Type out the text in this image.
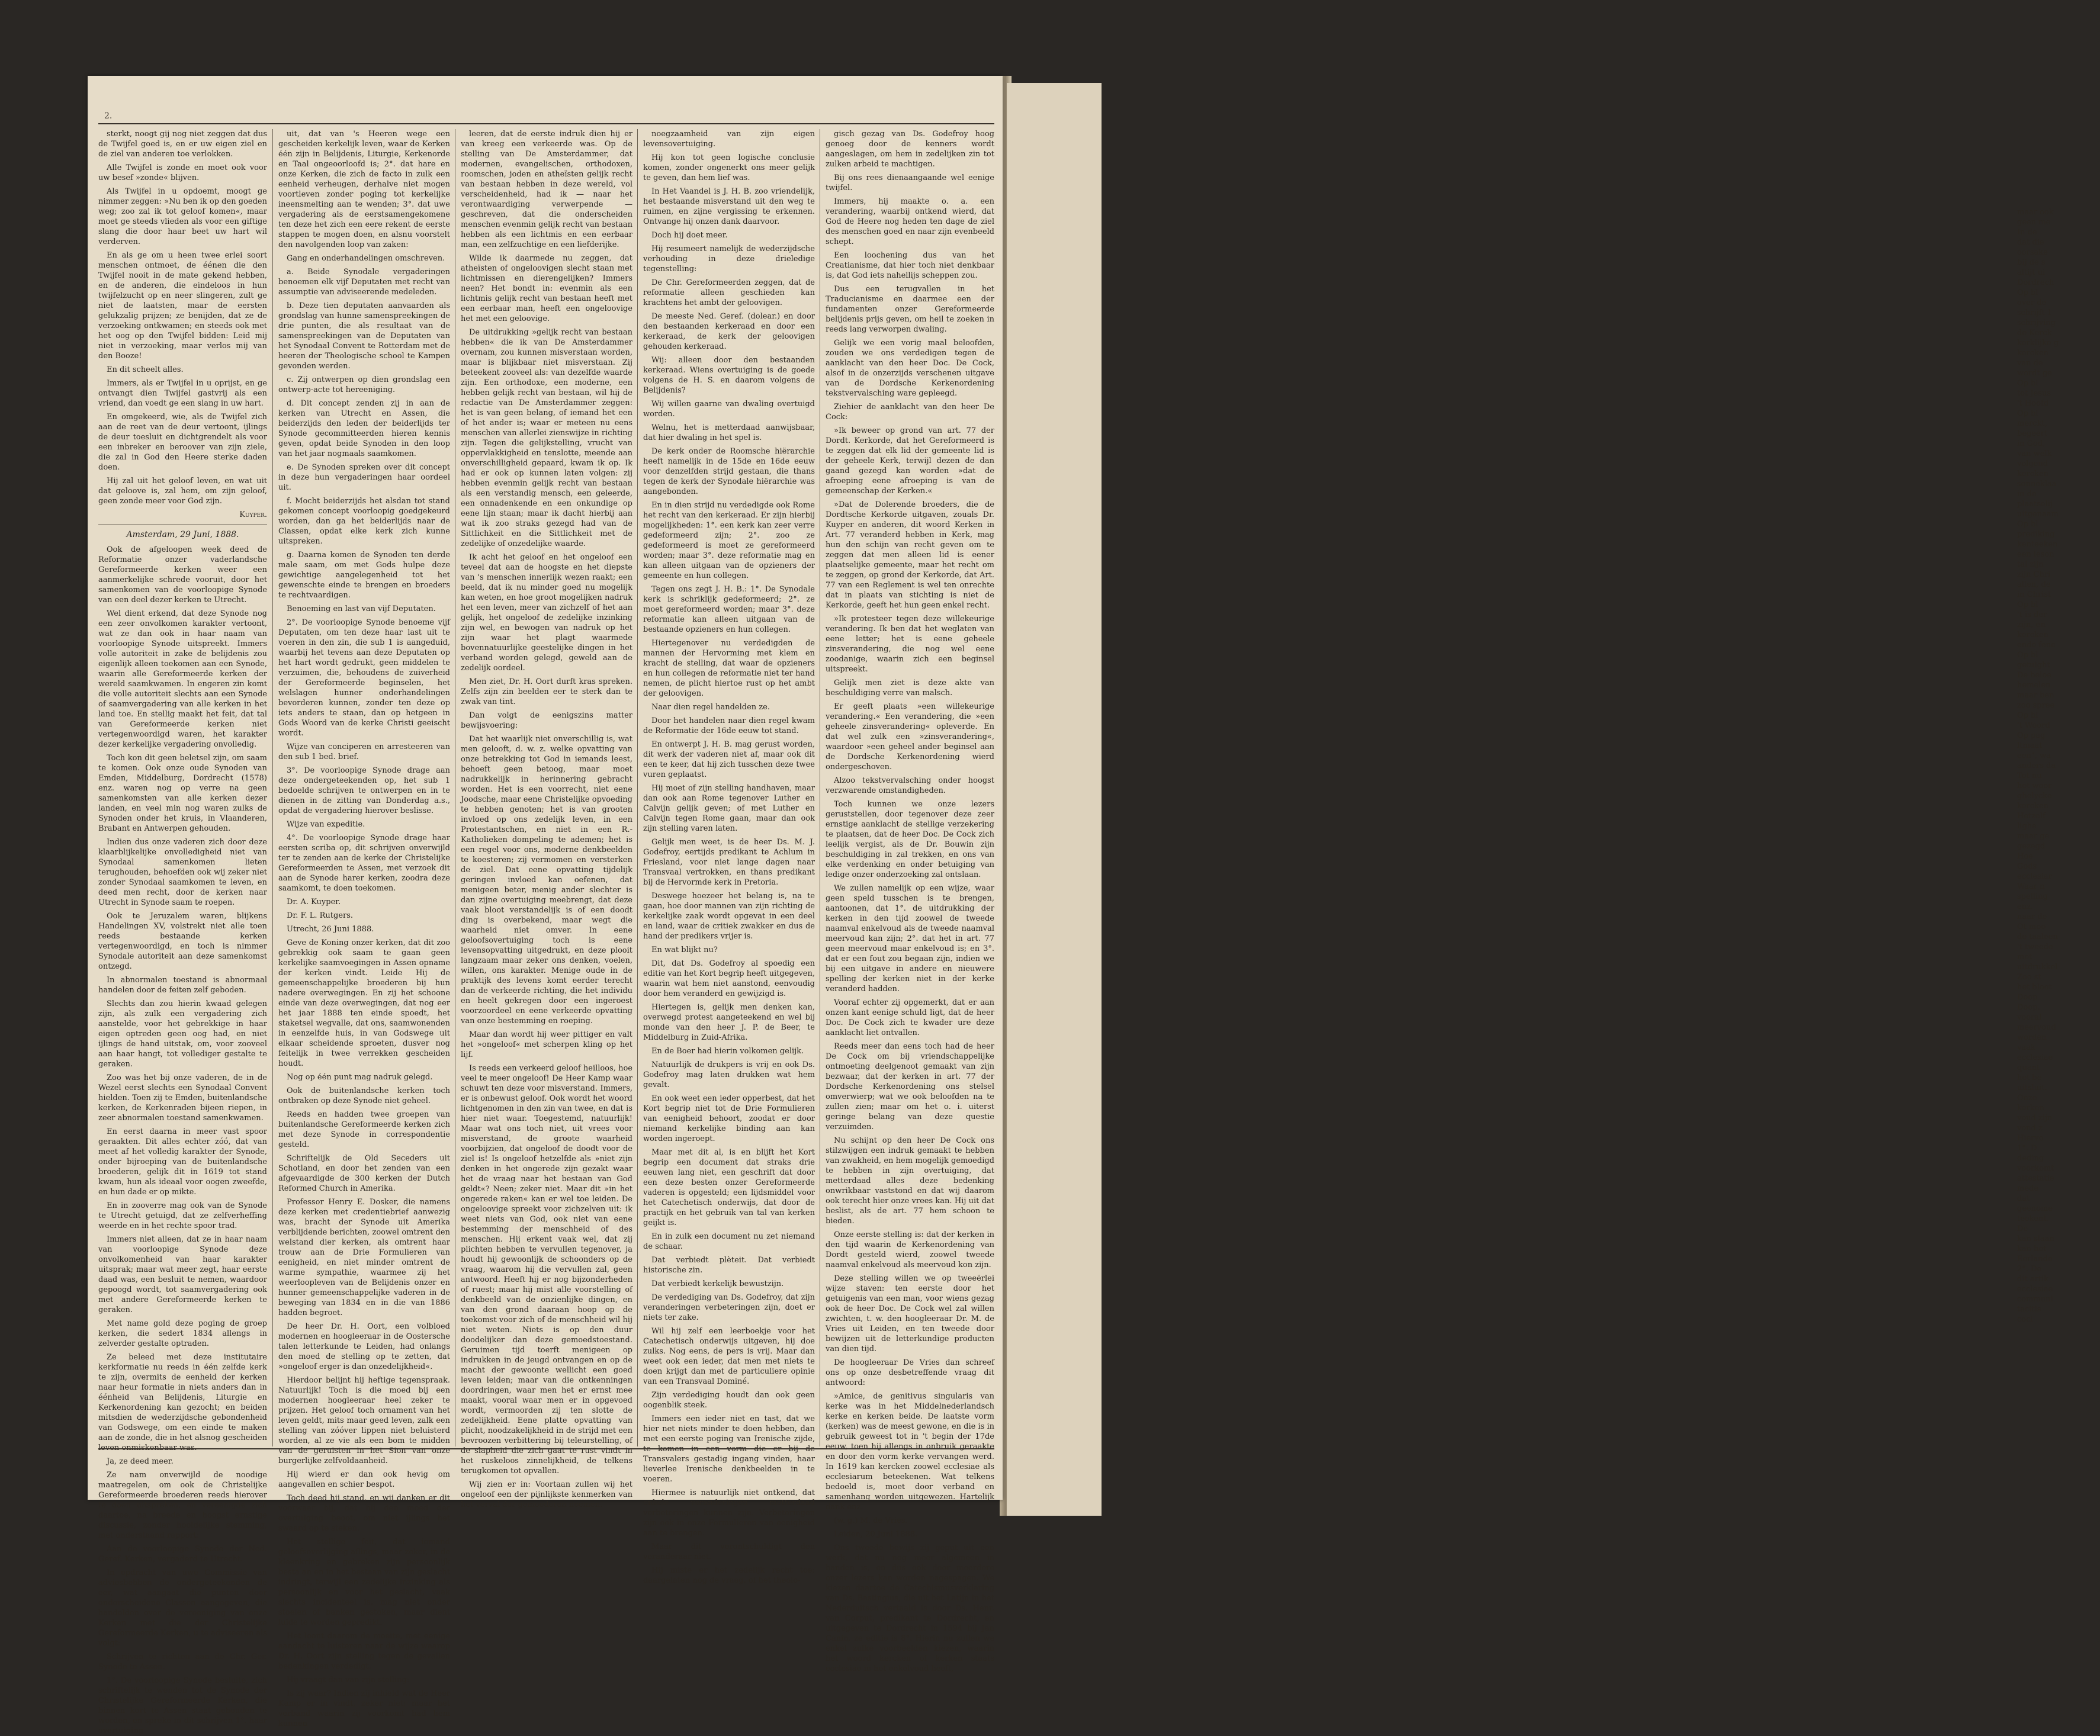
maar ook
geen me
In de
dat die
oorsake
bij de s
altijt ui
Dordrech
Op bl
over de
schrijft 1
schrijving
de Kerck
kerklijke g
kercken
van de
wordt ge
Op bl
tot Jesus
't Hoofd
Op bl
merckt,
begeert
in God,
van welk
volgend
kercken
sonneklaa
in de
plaatselij
uitgenaam
Op bl
prediking
kenteeken
een leson
tal zijn
zijn Chri
allen, de
in Christ
Op bl
't is der
zijn, en
kercken
ende fenc
Op bl
getuight
De beloe
hemelen
maar ben
zoo spree
Op bl
't Woord
Op pag
ltmaat
een", wa
anders da
Tot nu
het woor
ghelycke
kercken
Hetzelf
lighe
maar ge
gezegd
Hoe
Gods
ecclesiar
Waar n
spelling
enz.
naar de
Ot moo
de taaleen
't tweede
met
uitdrukkel
Zoo st
het bloot
Doop
Doop.
vooral
meervoud
worden
vaak
ecclesiae
quant
het be
uitsluit.
Onze
kerken
voud zijn
vond z
Hiervo
1°. D
deding
voorkomt
attestatie
mede
dat
geenome
teekent.
De
kan slaan
kan het
Eerlande
2°. De
dit artik
ecclesiae
communi
tacitis
cocl
2.

sterkt, noogt gij nog niet zeggen dat dus de Twijfel goed is, en er uw eigen ziel en de ziel van anderen toe verlokken.

Alle Twijfel is zonde en moet ook voor uw besef »zonde« blijven.

Als Twijfel in u opdoemt, moogt ge nimmer zeggen: »Nu ben ik op den goeden weg; zoo zal ik tot geloof komen«, maar moet ge steeds vlieden als voor een giftige slang die door haar beet uw hart wil verderven.

En als ge om u heen twee erlei soort menschen ontmoet, de éénen die den Twijfel nooit in de mate gekend hebben, en de anderen, die eindeloos in hun twijfelzucht op en neer slingeren, zult ge niet de laatsten, maar de eersten gelukzalig prijzen; ze benijden, dat ze de verzoeking ontkwamen; en steeds ook met het oog op den Twijfel bidden: Leid mij niet in verzoeking, maar verlos mij van den Booze!

En dit scheelt alles.

Immers, als er Twijfel in u oprijst, en ge ontvangt dien Twijfel gastvrij als een vriend, dan voedt ge een slang in uw hart.

En omgekeerd, wie, als de Twijfel zich aan de reet van de deur vertoont, ijlings de deur toesluit en dichtgrendelt als voor een inbreker en beroover van zijn ziele, die zal in God den Heere sterke daden doen.

Hij zal uit het geloof leven, en wat uit dat geloove is, zal hem, om zijn geloof, geen zonde meer voor God zijn.

Kuyper.

Amsterdam, 29 Juni, 1888.

Ook de afgeloopen week deed de Reformatie onzer vaderlandsche Gereformeerde kerken weer een aanmerkelijke schrede vooruit, door het samenkomen van de voorloopige Synode van een deel dezer kerken te Utrecht.

Wel dient erkend, dat deze Synode nog een zeer onvolkomen karakter vertoont, wat ze dan ook in haar naam van voorloopige Synode uitspreekt. Immers volle autoriteit in zake de belijdenis zou eigenlijk alleen toekomen aan een Synode, waarin alle Gereformeerde kerken der wereld saamkwamen. In engeren zin komt die volle autoriteit slechts aan een Synode of saamvergadering van alle kerken in het land toe. En stellig maakt het feit, dat tal van Gereformeerde kerken niet vertegenwoordigd waren, het karakter dezer kerkelijke vergadering onvolledig.

Toch kon dit geen beletsel zijn, om saam te komen. Ook onze oude Synoden van Emden, Middelburg, Dordrecht (1578) enz. waren nog op verre na geen samenkomsten van alle kerken dezer landen, en veel min nog waren zulks de Synoden onder het kruis, in Vlaanderen, Brabant en Antwerpen gehouden.

Indien dus onze vaderen zich door deze klaarblijkelijke onvolledigheid niet van Synodaal samenkomen lieten terughouden, behoefden ook wij zeker niet zonder Synodaal saamkomen te leven, en deed men recht, door de kerken naar Utrecht in Synode saam te roepen.

Ook te Jeruzalem waren, blijkens Handelingen XV, volstrekt niet alle toen reeds bestaande kerken vertegenwoordigd, en toch is nimmer Synodale autoriteit aan deze samenkomst ontzegd.

In abnormalen toestand is abnormaal handelen door de feiten zelf geboden.

Slechts dan zou hierin kwaad gelegen zijn, als zulk een vergadering zich aanstelde, voor het gebrekkige in haar eigen optreden geen oog had, en niet ijlings de hand uitstak, om, voor zooveel aan haar hangt, tot vollediger gestalte te geraken.

Zoo was het bij onze vaderen, de in de Wezel eerst slechts een Synodaal Convent hielden. Toen zij te Emden, buitenlandsche kerken, de Kerkenraden bijeen riepen, in zeer abnormalen toestand samenkwamen.

En eerst daarna in meer vast spoor geraakten. Dit alles echter zóó, dat van meet af het volledig karakter der Synode, onder bijroeping van de buitenlandsche broederen, gelijk dit in 1619 tot stand kwam, hun als ideaal voor oogen zweefde, en hun dade er op mikte.

En in zooverre mag ook van de Synode te Utrecht getuigd, dat ze zelfverheffing weerde en in het rechte spoor trad.

Immers niet alleen, dat ze in haar naam van voorloopige Synode deze onvolkomenheid van haar karakter uitsprak; maar wat meer zegt, haar eerste daad was, een besluit te nemen, waardoor gepoogd wordt, tot saamvergadering ook met andere Gereformeerde kerken te geraken.

Met name gold deze poging de groep kerken, die sedert 1834 allengs in zelverder gestalte optraden.

Ze beleed met deze institutaire kerkformatie nu reeds in één zelfde kerk te zijn, overmits de eenheid der kerken naar heur formatie in niets anders dan in éénheid van Belijdenis, Liturgie en Kerkenordening kan gezocht; en beiden mitsdien de wederzijdsche gebondenheid van Godswege, om een einde te maken aan de zonde, die in het alsnog gescheiden leven onmiskenbaar was.

Ja, ze deed meer.

Ze nam onverwijld de noodige maatregelen, om ook de Christelijke Gereformeerde broederen reeds hierover te doen uitspreken, en vereenigde zich daartoe, na breede en hoogst ernstige discussie, zonder hooldelijke stemming, met onderstaand rapport:

Aan de voorloopige Synode der Ned. Geref. Kerken, vergaderd te Utrecht.

In opdracht van uwe Commissie van adviesbebben de ondergeteekenden de eer, wat aangaat die punten door onderscheidene Classen aangegeven, die handelden over de vereeniging van onze Kerken met die der Christelijke Gereformeerde Kerken, u te adviseeren als volgt:

Schrijven te richten aan de Chr. Ger. Synode te Assen.

1°. De voorloopige Synode besluite, zich schriftelijk te wenden tot de Synode der Christelijke Gereformeerde Kerken, die binnen kort te Assen staat gehouden te worden, en spreke in dit schrijven 1°. haar overtuiging

uit, dat van 's Heeren wege een gescheiden kerkelijk leven, waar de Kerken één zijn in Belijdenis, Liturgie, Kerkenorde en Taal ongeoorloofd is; 2°. dat hare en onze Kerken, die zich de facto in zulk een eenheid verheugen, derhalve niet mogen voortleven zonder poging tot kerkelijke ineensmelting aan te wenden; 3°. dat uwe vergadering als de eerstsamengekomene ten deze het zich een eere rekent de eerste stappen te mogen doen, en alsnu voorstelt den navolgenden loop van zaken:

Gang en onderhandelingen omschreven.

a. Beide Synodale vergaderingen benoemen elk vijf Deputaten met recht van assumptie van adviseerende medeleden.

b. Deze tien deputaten aanvaarden als grondslag van hunne samenspreekingen de drie punten, die als resultaat van de samenspreekingen van de Deputaten van het Synodaal Convent te Rotterdam met de heeren der Theologische school te Kampen gevonden werden.

c. Zij ontwerpen op dien grondslag een ontwerp-acte tot hereeniging.

d. Dit concept zenden zij in aan de kerken van Utrecht en Assen, die beiderzijds den leden der beiderlijds ter Synode gecommitteerden hieren kennis geven, opdat beide Synoden in den loop van het jaar nogmaals saamkomen.

e. De Synoden spreken over dit concept in deze hun vergaderingen haar oordeel uit.

f. Mocht beiderzijds het alsdan tot stand gekomen concept voorloopig goedgekeurd worden, dan ga het beiderlijds naar de Classen, opdat elke kerk zich kunne uitspreken.

g. Daarna komen de Synoden ten derde male saam, om met Gods hulpe deze gewichtige aangelegenheid tot het gewenschte einde te brengen en broeders te rechtvaardigen.

Benoeming en last van vijf Deputaten.

2°. De voorloopige Synode benoeme vijf Deputaten, om ten deze haar last uit te voeren in den zin, die sub 1 is aangeduid, waarbij het tevens aan deze Deputaten op het hart wordt gedrukt, geen middelen te verzuimen, die, behoudens de zuiverheid der Gereformeerde beginselen, het welslagen hunner onderhandelingen bevorderen kunnen, zonder ten deze op iets anders te staan, dan op hetgeen in Gods Woord van de kerke Christi geeischt wordt.

Wijze van conciperen en arresteeren van den sub 1 bed. brief.

3°. De voorloopige Synode drage aan deze ondergeteekenden op, het sub 1 bedoelde schrijven te ontwerpen en in te dienen in de zitting van Donderdag a.s., opdat de vergadering hierover beslisse.

Wijze van expeditie.

4°. De voorloopige Synode drage haar eersten scriba op, dit schrijven onverwijld ter te zenden aan de kerke der Christelijke Gereformeerden te Assen, met verzoek dit aan de Synode harer kerken, zoodra deze saamkomt, te doen toekomen.

Dr. A. Kuyper.

Dr. F. L. Rutgers.

Utrecht, 26 Juni 1888.

Geve de Koning onzer kerken, dat dit zoo gebrekkig ook saam te gaan geen kerkelijke saamvoegingen in Assen opname der kerken vindt. Leide Hij de gemeenschappelijke broederen bij hun nadere overwegingen. En zij het schoone einde van deze overwegingen, dat nog eer het jaar 1888 ten einde spoedt, het staketsel wegvalle, dat ons, saamwonenden in eenzelfde huis, in van Godswege uit elkaar scheidende sproeten, dusver nog feitelijk in twee verrekken gescheiden houdt.

Nog op één punt mag nadruk gelegd.

Ook de buitenlandsche kerken toch ontbraken op deze Synode niet geheel.

Reeds en hadden twee groepen van buitenlandsche Gereformeerde kerken zich met deze Synode in correspondentie gesteld.

Schriftelijk de Old Seceders uit Schotland, en door het zenden van een afgevaardigde de 300 kerken der Dutch Reformed Church in Amerika.

Professor Henry E. Dosker, die namens deze kerken met credentiebrief aanwezig was, bracht der Synode uit Amerika verblijdende berichten, zoowel omtrent den welstand dier kerken, als omtrent haar trouw aan de Drie Formulieren van eenigheid, en niet minder omtrent de warme sympathie, waarmee zij het weerloopleven van de Belijdenis onzer en hunner gemeenschappelijke vaderen in de beweging van 1834 en in die van 1886 hadden begroet.

De heer Dr. H. Oort, een volbloed modernen en hoogleeraar in de Oostersche talen letterkunde te Leiden, had onlangs den moed de stelling op te zetten, dat »ongeloof erger is dan onzedelijkheid«.

Hierdoor belijnt hij heftige tegenspraak. Natuurlijk! Toch is die moed bij een modernen hoogleeraar heel zeker te prijzen. Het geloof toch ornament van het leven geldt, mits maar geed leven, zalk een stelling van zóóver lippen niet beluisterd worden, al ze vie als een bom te midden van de geruisten in het Sion van onze burgerlijke zelfvoldaanheid.

Hij wierd er dan ook hevig om aangevallen en schier bespot.

Toch deed hij stand, en wij danken er dit voorwaar bij, dat hij den moed der overtuiging beoot, om niet ijlings het swaard op te steken.

Het stellige feit, dat iemand geloofsoverlijging aflings, maar zeker, in de kleenkring en gebreken zijn persoonlijk besta an en in het bestaan van zijn geslacht indringt, terwijl een zedelijke inzinking als persoonlijk en voor het geslacht, vaak slechts incidenteel is, mag niet onder stoelen of banken gestoken, maar dient luide te worden gepredikt.

Het loont daarom de moeite, met eenige aandacht te luisteren naar de wijze waarop Dr. H. Oort zijn stelling tegen de gevallen bedenkingen verdedigt.

Hij vraagt dan van zijn stelling:

Is zij waar? Indien zij inhield wat de Heer Kamp er in vindt, zeker niet; maar het verband waarin zij voorkomt had hem kunnen

leeren, dat de eerste indruk dien hij er van kreeg een verkeerde was. Op de stelling van De Amsterdammer, dat modernen, evangelischen, orthodoxen, roomschen, joden en atheïsten gelijk recht van bestaan hebben in deze wereld, vol verscheidenheid, had ik — naar het verontwaardiging verwerpende — geschreven, dat die onderscheiden menschen evenmin gelijk recht van bestaan hebben als een lichtmis en een eerbaar man, een zelfzuchtige en een liefderijke.

Wilde ik daarmede nu zeggen, dat atheïsten of ongeloovigen slecht staan met lichtmissen en dierengelijken? Immers neen? Het bondt in: evenmin als een lichtmis gelijk recht van bestaan heeft met een eerbaar man, heeft een ongeloovige het met een geloovige.

De uitdrukking »gelijk recht van bestaan hebben« die ik van De Amsterdammer overnam, zou kunnen misverstaan worden, maar is blijkbaar niet misverstaan. Zij beteekent zooveel als: van dezelfde waarde zijn. Een orthodoxe, een moderne, een hebben gelijk recht van bestaan, wil hij de redactie van De Amsterdammer zeggen: het is van geen belang, of iemand het een of het ander is; waar er meteen nu eens menschen van allerlei zienswijze in richting zijn. Tegen die gelijkstelling, vrucht van oppervlakkigheid en tenslotte, meende aan onverschilligheid gepaard, kwam ik op. Ik had er ook op kunnen laten volgen: zij hebben evenmin gelijk recht van bestaan als een verstandig mensch, een geleerde, een onnadenkende en een onkundige op eene lijn staan; maar ik dacht hierbij aan wat ik zoo straks gezegd had van de Sittlichkeit en die Sittlichkeit met de zedelijke of onzedelijke waarde.

Ik acht het geloof en het ongeloof een teveel dat aan de hoogste en het diepste van 's menschen innerlijk wezen raakt; een beeld, dat ik nu minder goed nu mogelijk kan weten, en hoe groot mogelijken nadruk het een leven, meer van zichzelf of het aan gelijk, het ongeloof de zedelijke inzinking zijn wel, en bewogen van nadruk op het zijn waar het plagt waarmede bovennatuurlijke geestelijke dingen in het verband worden gelegd, geweld aan de zedelijk oordeel.

Men ziet, Dr. H. Oort durft kras spreken. Zelfs zijn zin beelden eer te sterk dan te zwak van tint.

Dan volgt de eenigszins matter bewijsvoering:

Dat het waarlijk niet onverschillig is, wat men gelooft, d. w. z. welke opvatting van onze betrekking tot God in iemands leest, behoeft geen betoog, maar moet nadrukkelijk in herinnering gebracht worden. Het is een voorrecht, niet eene Joodsche, maar eene Christelijke opvoeding te hebben genoten; het is van grooten invloed op ons zedelijk leven, in een Protestantschen, en niet in een R.-Katholieken dompeling te ademen; het is een regel voor ons, moderne denkbeelden te koesteren; zij vermomen en versterken de ziel. Dat eene opvatting tijdelijk geringen invloed kan oefenen, dat menigeen beter, menig ander slechter is dan zijne overtuiging meebrengt, dat deze vaak bloot verstandelijk is of een doodt ding is overbekend, maar wegt die waarheid niet omver. In eene geloofsovertuiging toch is eene levensopvatting uitgedrukt, en deze plooit langzaam maar zeker ons denken, voelen, willen, ons karakter. Menige oude in de praktijk des levens komt eerder terecht dan de verkeerde richting, die het individu en heelt gekregen door een ingeroest voorzoordeel en eene verkeerde opvatting van onze bestemming en roeping.

Maar dan wordt hij weer pittiger en valt het »ongeloof« met scherpen kling op het lijf.

Is reeds een verkeerd geloof heilloos, hoe veel te meer ongeloof! De Heer Kamp waar schuwt ten deze voor misverstand. Immers, er is onbewust geloof. Ook wordt het woord lichtgenomen in den zin van twee, en dat is hier niet waar. Toegestemd, natuurlijk! Maar wat ons toch niet, uit vrees voor misverstand, de groote waarheid voorbijzien, dat ongeloof de doodt voor de ziel is! Is ongeloof hetzelfde als »niet zijn denken in het ongerede zijn gezakt waar het de vraag naar het bestaan van God geldt«? Neen; zeker niet. Maar dit »in het ongerede raken« kan er wel toe leiden. De ongeloovige spreekt voor zichzelven uit: ik weet niets van God, ook niet van eene bestemming der menschheid of des menschen. Hij erkent vaak wel, dat zij plichten hebben te vervullen tegenover, ja houdt hij gewoonlijk de schoonders op de vraag, waarom hij die vervullen zal, geen antwoord. Heeft hij er nog bijzonderheden of ruest; maar hij mist alle voorstelling of denkbeeld van de onzienlijke dingen, en van den grond daaraan hoop op de toekomst voor zich of de menschheid wil hij niet weten. Niets is op den duur doodelijker dan deze gemoedstoestand. Geruimen tijd toerft menigeen op indrukken in de jeugd ontvangen en op de macht der gewoonte wellicht een goed leven leiden; maar van die ontkenningen doordringen, waar men het er ernst mee maakt, vooral waar men er in opgevoed wordt, vermoorden zij ten slotte de zedelijkheid. Eene platte opvatting van plicht, noodzakelijkheid in de strijd met een bevroozen verbittering bij teleurstelling, of de slapheid die zich gaat te rust vindt in het ruskeloos zinnelijkheid, de telkens terugkomen tot opvallen.

Wij zien er in: Voortaan zullen wij het ongeloof een der pijnlijkste kenmerken van het verval der gemoederen noemen.

noegzaamheid van zijn eigen levensovertuiging.

Hij kon tot geen logische conclusie komen, zonder ongenerkt ons meer gelijk te geven, dan hem lief was.

In Het Vaandel is J. H. B. zoo vriendelijk, het bestaande misverstand uit den weg te ruimen, en zijne vergissing te erkennen. Ontvange hij onzen dank daarvoor.

Doch hij doet meer.

Hij resumeert namelijk de wederzijdsche verhouding in deze drieledige tegenstelling:

De Chr. Gereformeerden zeggen, dat de reformatie alleen geschieden kan krachtens het ambt der geloovigen.

De meeste Ned. Geref. (dolear.) en door den bestaanden kerkeraad en door een kerkeraad, de kerk der geloovigen gehouden kerkeraad.

Wij: alleen door den bestaanden kerkeraad. Wiens overtuiging is de goede volgens de H. S. en daarom volgens de Belijdenis?

Wij willen gaarne van dwaling overtuigd worden.

Welnu, het is metterdaad aanwijsbaar, dat hier dwaling in het spel is.

De kerk onder de Roomsche hiërarchie heeft namelijk in de 15de en 16de eeuw voor denzelfden strijd gestaan, die thans tegen de kerk der Synodale hiërarchie was aangebonden.

En in dien strijd nu verdedigde ook Rome het recht van den kerkeraad. Er zijn hierbij mogelijkheden: 1°. een kerk kan zeer verre gedeformeerd zijn; 2°. zoo ze gedeformeerd is moet ze gereformeerd worden; maar 3°. deze reformatie mag en kan alleen uitgaan van de opzieners der gemeente en hun collegen.

Tegen ons zegt J. H. B.: 1°. De Synodale kerk is schriklijk gedeformeerd; 2°. ze moet gereformeerd worden; maar 3°. deze reformatie kan alleen uitgaan van de bestaande opzieners en hun collegen.

Hiertegenover nu verdedigden de mannen der Hervorming met klem en kracht de stelling, dat waar de opzieners en hun collegen de reformatie niet ter hand nemen, de plicht hiertoe rust op het ambt der geloovigen.

Naar dien regel handelden ze.

Door het handelen naar dien regel kwam de Reformatie der 16de eeuw tot stand.

En ontwerpt J. H. B. mag gerust worden, dit werk der vaderen niet af, maar ook dit een te keer, dat hij zich tusschen deze twee vuren geplaatst.

Hij moet of zijn stelling handhaven, maar dan ook aan Rome tegenover Luther en Calvijn gelijk geven; of met Luther en Calvijn tegen Rome gaan, maar dan ook zijn stelling varen laten.

Gelijk men weet, is de heer Ds. M. J. Godefroy, eertijds predikant te Achlum in Friesland, voor niet lange dagen naar Transvaal vertrokken, en thans predikant bij de Hervormde kerk in Pretoria.

Deswege hoezeer het belang is, na te gaan, hoe door mannen van zijn richting de kerkelijke zaak wordt opgevat in een deel en land, waar de critiek zwakker en dus de hand der predikers vrijer is.

En wat blijkt nu?

Dit, dat Ds. Godefroy al spoedig een editie van het Kort begrip heeft uitgegeven, waarin wat hem niet aanstond, eenvoudig door hem veranderd en gewijzigd is.

Hiertegen is, gelijk men denken kan, overwegd protest aangeteekend en wel bij monde van den heer J. P. de Beer, te Middelburg in Zuid-Afrika.

En de Boer had hierin volkomen gelijk.

Natuurlijk de drukpers is vrij en ook Ds. Godefroy mag laten drukken wat hem gevalt.

En ook weet een ieder opperbest, dat het Kort begrip niet tot de Drie Formulieren van eenigheid behoort, zoodat er door niemand kerkelijke binding aan kan worden ingeroept.

Maar met dit al, is en blijft het Kort begrip een document dat straks drie eeuwen lang niet, een geschrift dat door een deze besten onzer Gereformeerde vaderen is opgesteld; een lijdsmiddel voor het Catechetisch onderwijs, dat door de practijk en het gebruik van tal van kerken geijkt is.

En in zulk een document nu zet niemand de schaar.

Dat verbiedt plèteit. Dat verbiedt historische zin.

Dat verbiedt kerkelijk bewustzijn.

De verdediging van Ds. Godefroy, dat zijn veranderingen verbeteringen zijn, doet er niets ter zake.

Wil hij zelf een leerboekje voor het Catechetisch onderwijs uitgeven, hij doe zulks. Nog eens, de pers is vrij. Maar dan weet ook een ieder, dat men met niets te doen krijgt dan met de particuliere opinie van een Transvaal Dominé.

Zijn verdediging houdt dan ook geen oogenblik steek.

Immers een ieder niet en tast, dat we hier net niets minder te doen hebben, dan met een eerste poging van Irenische zijde, te komen in een vorm die er bij de Transvalers gestadig ingang vinden, haar lieverlee Irenische denkbeelden in te voeren.

Hiermee is natuurlijk niet ontkend, dat enkele veranderingen metterdaad verbeteringen kunnen zijn. Verbeteringen zijn ook in onze Formulieren van eenigheid aan te brengen.

Maar dit verontschuldigt den veranderaar niet.

Hij miste er het zedelijk recht toe; daargelaten nog de vraag, of het theolo-

gisch gezag van Ds. Godefroy hoog genoeg door de kenners wordt aangeslagen, om hem in zedelijken zin tot zulken arbeid te machtigen.

Bij ons rees dienaangaande wel eenige twijfel.

Immers, hij maakte o. a. een verandering, waarbij ontkend wierd, dat God de Heere nog heden ten dage de ziel des menschen goed en naar zijn evenbeeld schept.

Een loochening dus van het Creatianisme, dat hier toch niet denkbaar is, dat God iets nahellijs scheppen zou.

Dus een terugvallen in het Traducianisme en daarmee een der fundamenten onzer Gereformeerde belijdenis prijs geven, om heil te zoeken in reeds lang verworpen dwaling.

Gelijk we een vorig maal beloofden, zouden we ons verdedigen tegen de aanklacht van den heer Doc. De Cock, alsof in de onzerzijds verschenen uitgave van de Dordsche Kerkenordening tekstvervalsching ware gepleegd.

Ziehier de aanklacht van den heer De Cock:

»Ik beweer op grond van art. 77 der Dordt. Kerkorde, dat het Gereformeerd is te zeggen dat elk lid der gemeente lid is der geheele Kerk, terwijl dezen de dan gaand gezegd kan worden »dat de afroeping eene afroeping is van de gemeenschap der Kerken.«

»Dat de Dolerende broeders, die de Dordtsche Kerkorde uitgaven, zouals Dr. Kuyper en anderen, dit woord Kerken in Art. 77 veranderd hebben in Kerk, mag hun den schijn van recht geven om te zeggen dat men alleen lid is eener plaatselijke gemeente, maar het recht om te zeggen, op grond der Kerkorde, dat Art. 77 van een Reglement is wel ten onrechte dat in plaats van stichting is niet de Kerkorde, geeft het hun geen enkel recht.

»Ik protesteer tegen deze willekeurige verandering. Ik ben dat het weglaten van eene letter; het is eene geheele zinsverandering, die nog wel eene zoodanige, waarin zich een beginsel uitspreekt.

Gelijk men ziet is deze akte van beschuldiging verre van malsch.

Er geeft plaats »een willekeurige verandering.« Een verandering, die »een geheele zinsverandering« opleverde. En dat wel zulk een »zinsverandering«, waardoor »een geheel ander beginsel aan de Dordsche Kerkenordening wierd ondergeschoven.

Alzoo tekstvervalsching onder hoogst verzwarende omstandigheden.

Toch kunnen we onze lezers geruststellen, door tegenover deze zeer ernstige aanklacht de stellige verzekering te plaatsen, dat de heer Doc. De Cock zich leelijk vergist, als de Dr. Bouwin zijn beschuldiging in zal trekken, en ons van elke verdenking en onder betuiging van ledige onzer onderzoeking zal ontslaan.

We zullen namelijk op een wijze, waar geen speld tusschen is te brengen, aantoonen, dat 1°. de uitdrukking der kerken in den tijd zoowel de tweede naamval enkelvoud als de tweede naamval meervoud kan zijn; 2°. dat het in art. 77 geen meervoud maar enkelvoud is; en 3°. dat er een fout zou begaan zijn, indien we bij een uitgave in andere en nieuwere spelling der kerken niet in der kerke veranderd hadden.

Vooraf echter zij opgemerkt, dat er aan onzen kant eenige schuld ligt, dat de heer Doc. De Cock zich te kwader ure deze aanklacht liet ontvallen.

Reeds meer dan eens toch had de heer De Cock om bij vriendschappelijke ontmoeting deelgenoot gemaakt van zijn bezwaar, dat der kerken in art. 77 der Dordsche Kerkenordening ons stelsel omverwierp; wat we ook beloofden na te zullen zien; maar om het o. i. uiterst geringe belang van deze questie verzuimden.

Nu schijnt op den heer De Cock ons stilzwijgen een indruk gemaakt te hebben van zwakheid, en hem mogelijk gemoedigd te hebben in zijn overtuiging, dat metterdaad alles deze bedenking onwrikbaar vaststond en dat wij daarom ook terecht hier onze vrees kan. Hij uit dat beslist, als de art. 77 hem schoon te bieden.

Onze eerste stelling is: dat der kerken in den tijd waarin de Kerkenordening van Dordt gesteld wierd, zoowel tweede naamval enkelvoud als meervoud kon zijn.

Deze stelling willen we op tweeërlei wijze staven: ten eerste door het getuigenis van een man, voor wiens gezag ook de heer Doc. De Cock wel zal willen zwichten, t. w. den hoogleeraar Dr. M. de Vries uit Leiden, en ten tweede door bewijzen uit de letterkundige producten van dien tijd.

De hoogleeraar De Vries dan schreef ons op onze desbetreffende vraag dit antwoord:

»Amice, de genitivus singularis van kerke was in het Middelnederlandsch kerke en kerken beide. De laatste vorm (kerken) was de meest gewone, en die is in gebruik geweest tot in 't begin der 17de eeuw, toen hij allengs in onbruik geraakte en door den vorm kerke vervangen werd. In 1619 kan kercken zoowel ecclesiae als ecclesiarum beteekenen. Wat telkens bedoeld is, moet door verband en samenhang worden uitgewezen. Hartelijk dank enz.

(w. g.) M. de Vries.

Leiden, 20 Juni 1888.

Ons tweede bewijs zij geput uit een werk, dat nu nog meer algemeen in handen is, en dus ook door meerdere onzer lezers kan worden nagespagen. We kiezen daartoe de Catechismusverklaring van Ds. Bastingius, die uit het Latijn in het Nederduitsch vertaald is door Ds. Henr. van Corput, predikant te Dordrecht, en uitgegeven te Dordrecht in 1594 bij Jan Canin, ze editie is 8°. Hierin nu zullen we enkel zulke voorbeelden kiezen, waarin het woord kercken of kerken staats ecclesiae in het enkelvoud heeft,
